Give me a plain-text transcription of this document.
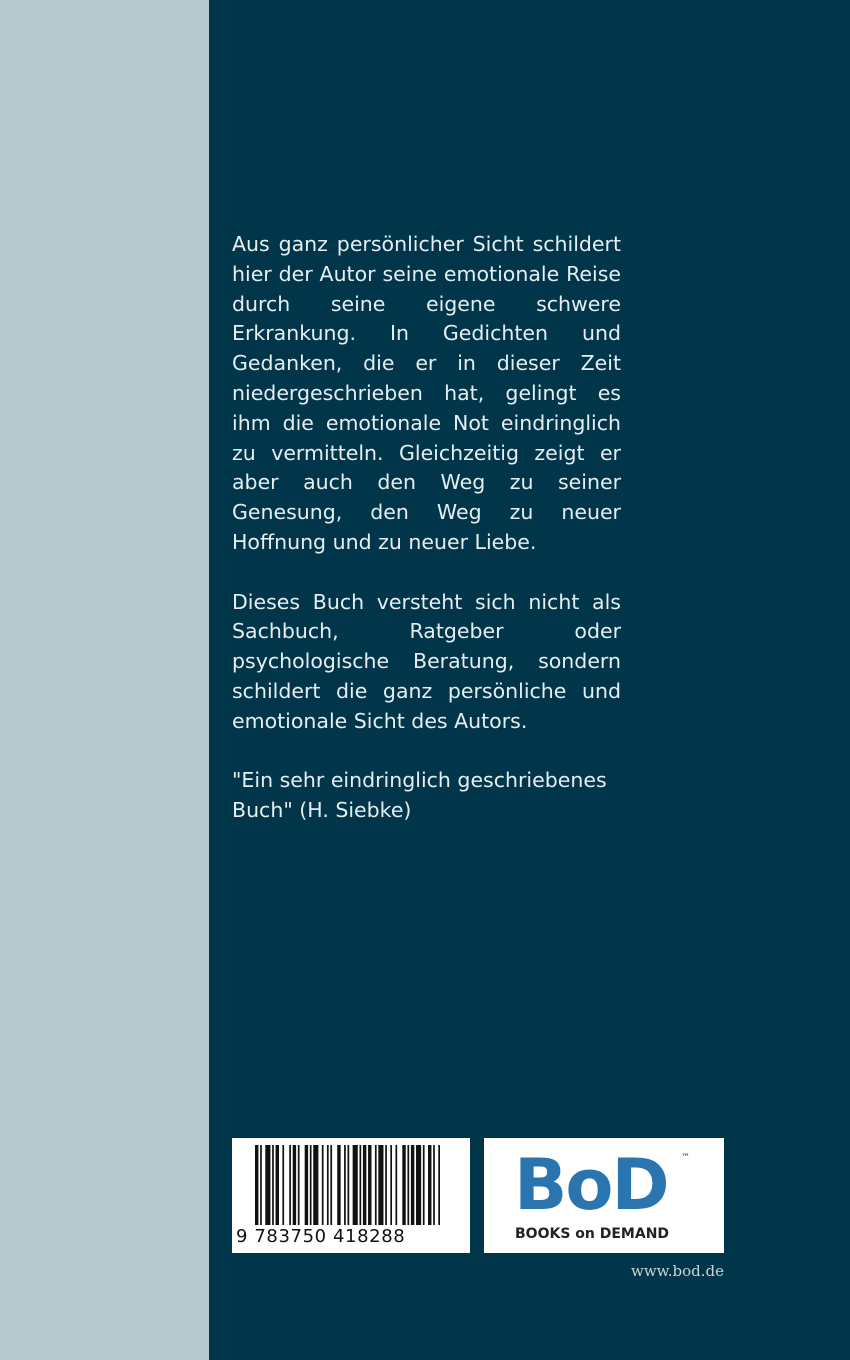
Aus ganz persönlicher Sicht schildert hier der Autor seine emotionale Reise durch seine eigene schwere Erkrankung. In Gedichten und Gedanken, die er in dieser Zeit niedergeschrieben hat, gelingt es ihm die emotionale Not eindringlich zu vermitteln. Gleichzeitig zeigt er aber auch den Weg zu seiner Genesung, den Weg zu neuer Hoffnung und zu neuer Liebe.

Dieses Buch versteht sich nicht als Sachbuch, Ratgeber oder psychologische Beratung, sondern schildert die ganz persönliche und emotionale Sicht des Autors.

"Ein sehr eindringlich geschriebenes Buch" (H. Siebke)

9 783750 418288
BoD ™
BOOKS on DEMAND
www.bod.de
